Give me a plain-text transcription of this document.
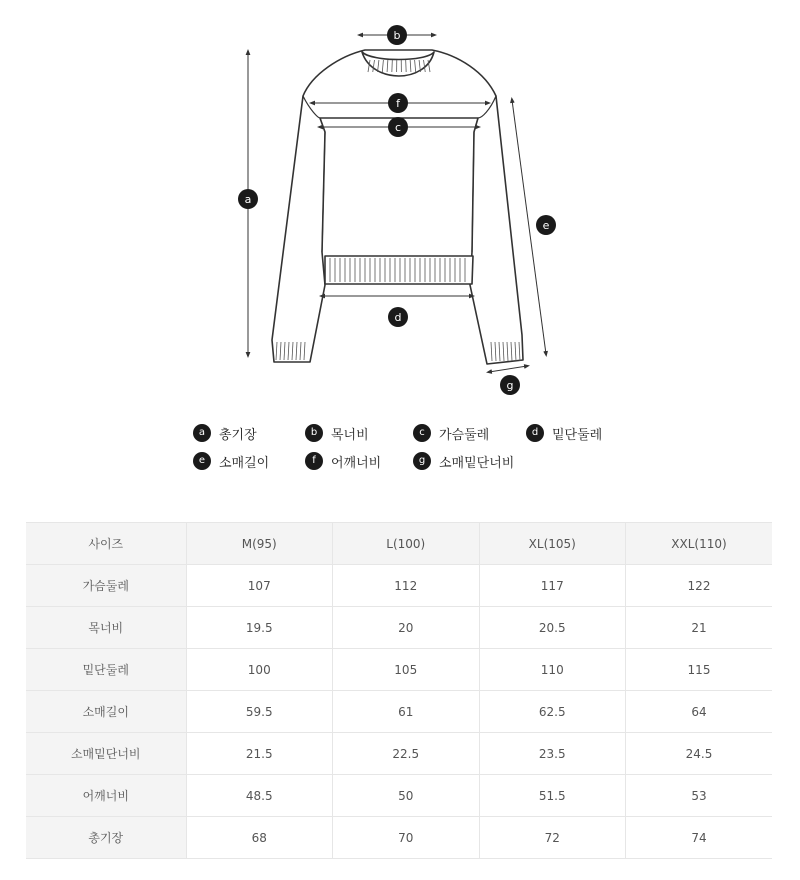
b
f
c
d
a
e
g
a	총기장	b	목너비	c	가슴둘레	d	밑단둘레
e	소매길이	f	어깨너비	g	소매밑단너비
사이즈	M(95)	L(100)	XL(105)	XXL(110)
가슴둘레	107	112	117	122
목너비	19.5	20	20.5	21
밑단둘레	100	105	110	115
소매길이	59.5	61	62.5	64
소매밑단너비	21.5	22.5	23.5	24.5
어깨너비	48.5	50	51.5	53
총기장	68	70	72	74
